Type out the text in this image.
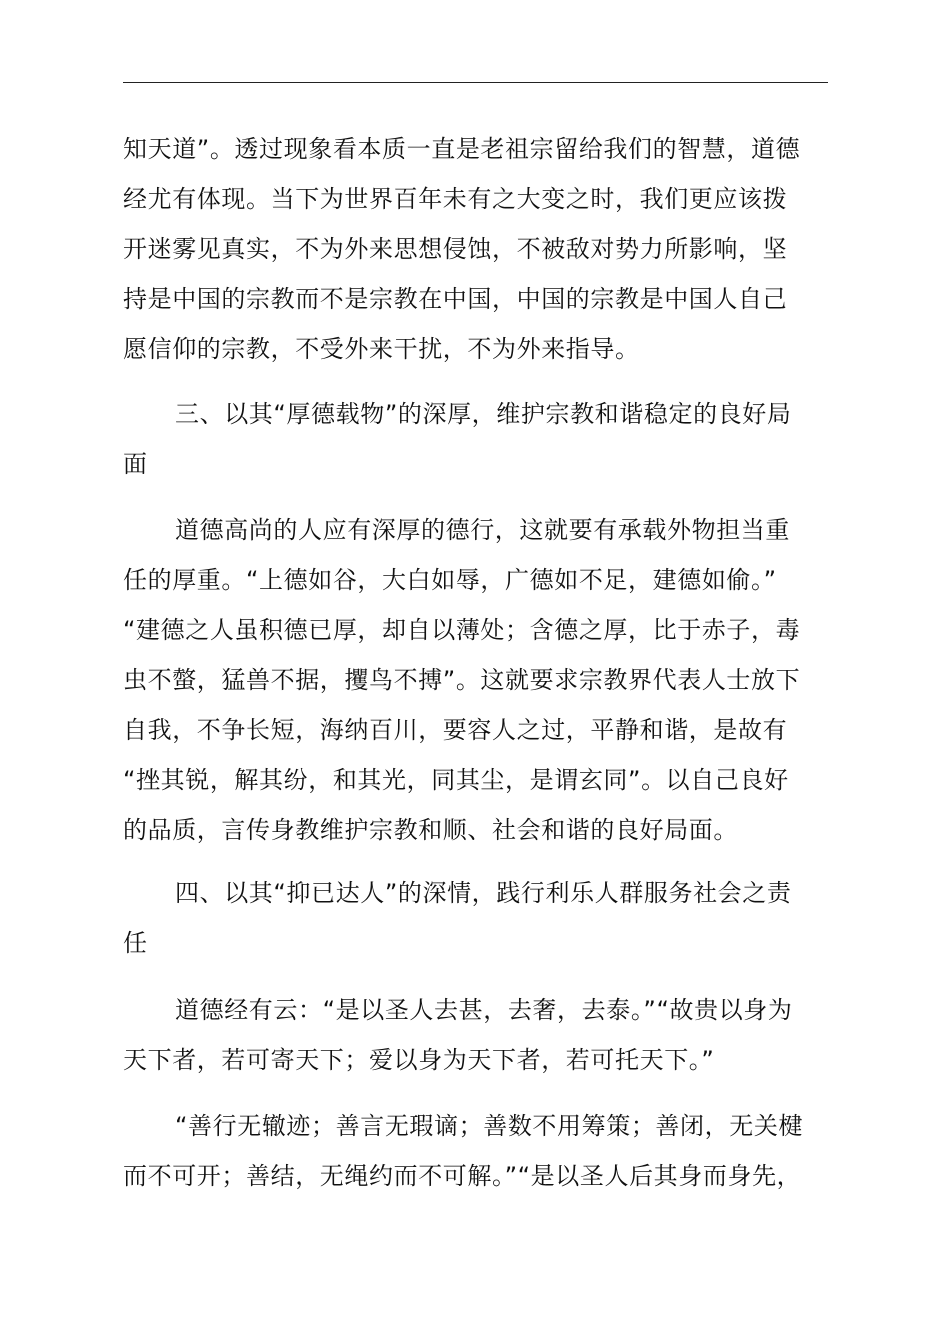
知天道”。透过现象看本质一直是老祖宗留给我们的智慧，道德
经尤有体现。当下为世界百年未有之大变之时，我们更应该拨
开迷雾见真实，不为外来思想侵蚀，不被敌对势力所影响，坚
持是中国的宗教而不是宗教在中国，中国的宗教是中国人自己
愿信仰的宗教，不受外来干扰，不为外来指导。
三、以其“厚德载物”的深厚，维护宗教和谐稳定的良好局
面
道德高尚的人应有深厚的德行，这就要有承载外物担当重
任的厚重。“上德如谷，大白如辱，广德如不足，建德如偷。”
“建德之人虽积德已厚，却自以薄处；含德之厚，比于赤子，毒
虫不螫，猛兽不据，攫鸟不搏”。这就要求宗教界代表人士放下
自我，不争长短，海纳百川，要容人之过，平静和谐，是故有
“挫其锐，解其纷，和其光，同其尘，是谓玄同”。以自己良好
的品质，言传身教维护宗教和顺、社会和谐的良好局面。
四、以其“抑已达人”的深情，践行利乐人群服务社会之责
任
道德经有云：“是以圣人去甚，去奢，去泰。”“故贵以身为
天下者，若可寄天下；爱以身为天下者，若可托天下。”
“善行无辙迹；善言无瑕谪；善数不用筹策；善闭，无关楗
而不可开；善结，无绳约而不可解。”“是以圣人后其身而身先，
